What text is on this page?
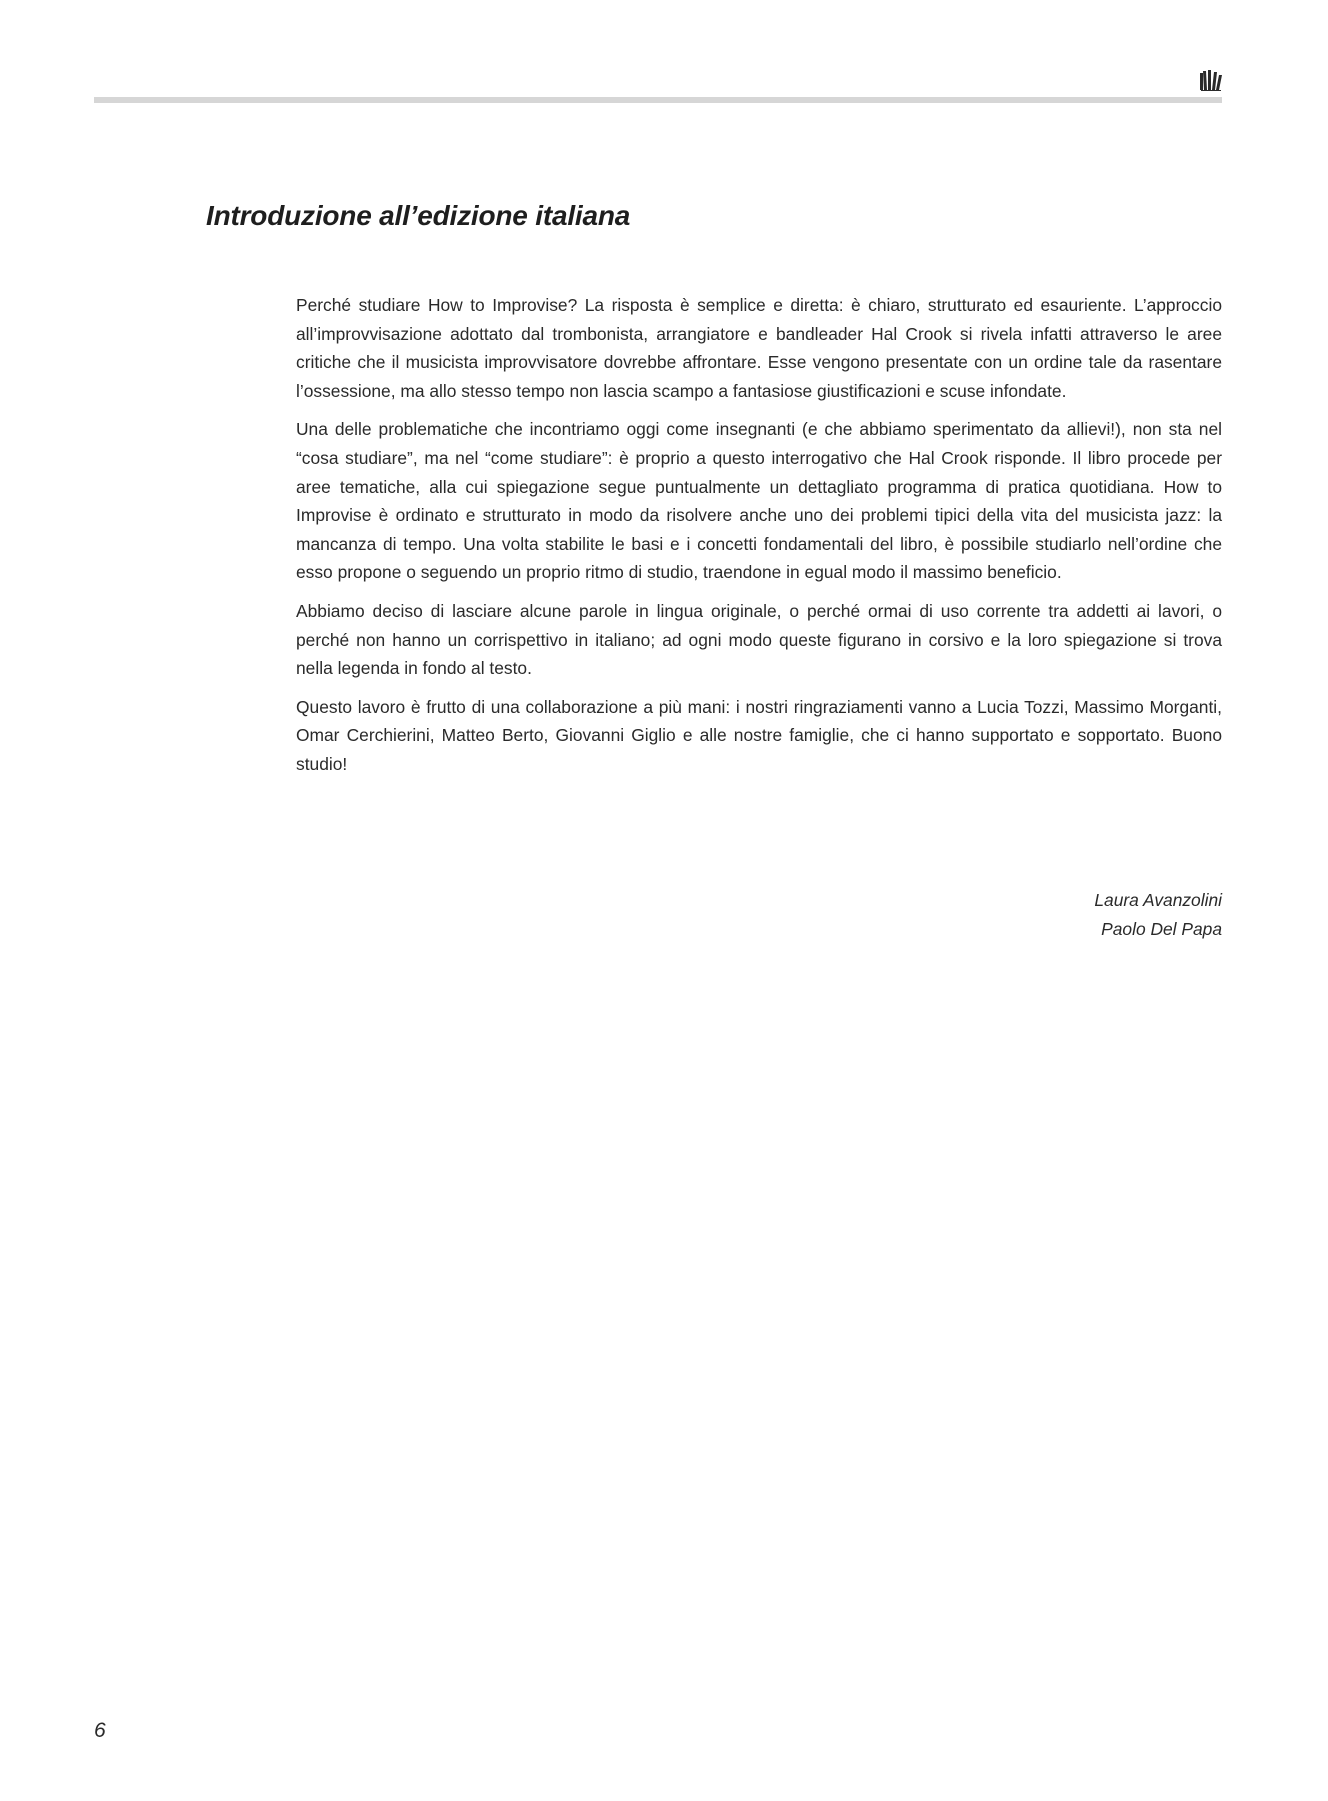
Introduzione all’edizione italiana

Perché studiare How to Improvise? La risposta è semplice e diretta: è chiaro, strutturato ed esauriente. L’approccio all’improvvisazione adottato dal trombonista, arrangiatore e bandleader Hal Crook si rivela infatti attraverso le aree critiche che il musicista improvvisatore dovrebbe affrontare. Esse vengono presentate con un ordine tale da rasentare l’ossessione, ma allo stesso tempo non lascia scampo a fantasiose giustificazioni e scuse infondate.

Una delle problematiche che incontriamo oggi come insegnanti (e che abbiamo sperimentato da allievi!), non sta nel “cosa studiare”, ma nel “come studiare”: è proprio a questo interrogativo che Hal Crook risponde. Il libro procede per aree tematiche, alla cui spiegazione segue puntualmente un dettagliato programma di pratica quotidiana. How to Improvise è ordinato e strutturato in modo da risolvere anche uno dei problemi tipici della vita del musicista jazz: la mancanza di tempo. Una volta stabilite le basi e i concetti fondamentali del libro, è possibile studiarlo nell’ordine che esso propone o seguendo un proprio ritmo di studio, traendone in egual modo il massimo beneficio.

Abbiamo deciso di lasciare alcune parole in lingua originale, o perché ormai di uso corrente tra addetti ai lavori, o perché non hanno un corrispettivo in italiano; ad ogni modo queste figurano in corsivo e la loro spiegazione si trova nella legenda in fondo al testo.

Questo lavoro è frutto di una collaborazione a più mani: i nostri ringraziamenti vanno a Lucia Tozzi, Massimo Morganti, Omar Cerchierini, Matteo Berto, Giovanni Giglio e alle nostre famiglie, che ci hanno supportato e sopportato. Buono studio!

Laura Avanzolini
Paolo Del Papa
6
